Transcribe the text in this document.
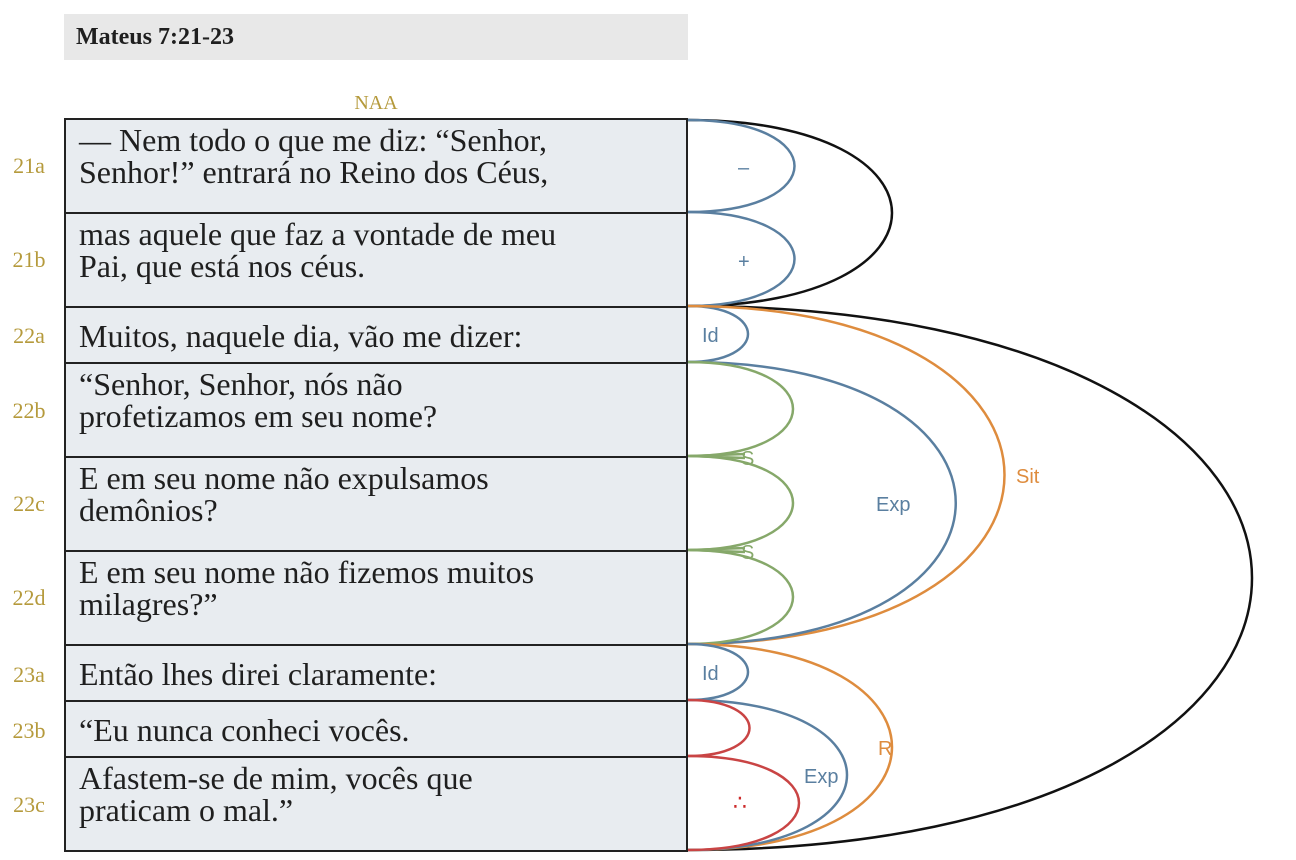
Mateus 7:21-23
NAA
21a
21b
22a
22b
22c
22d
23a
23b
23c
— Nem todo o que me diz: “Senhor,
Senhor!” entrará no Reino dos Céus,
mas aquele que faz a vontade de meu
Pai, que está nos céus.
Muitos, naquele dia, vão me dizer:
“Senhor, Senhor, nós não
profetizamos em seu nome?
E em seu nome não expulsamos
demônios?
E em seu nome não fizemos muitos
milagres?”
Então lhes direi claramente:
“Eu nunca conheci vocês.
Afastem-se de mim, vocês que
praticam o mal.”
–
+
Id
S
S
Exp
Sit
Id
Exp
R
∴
